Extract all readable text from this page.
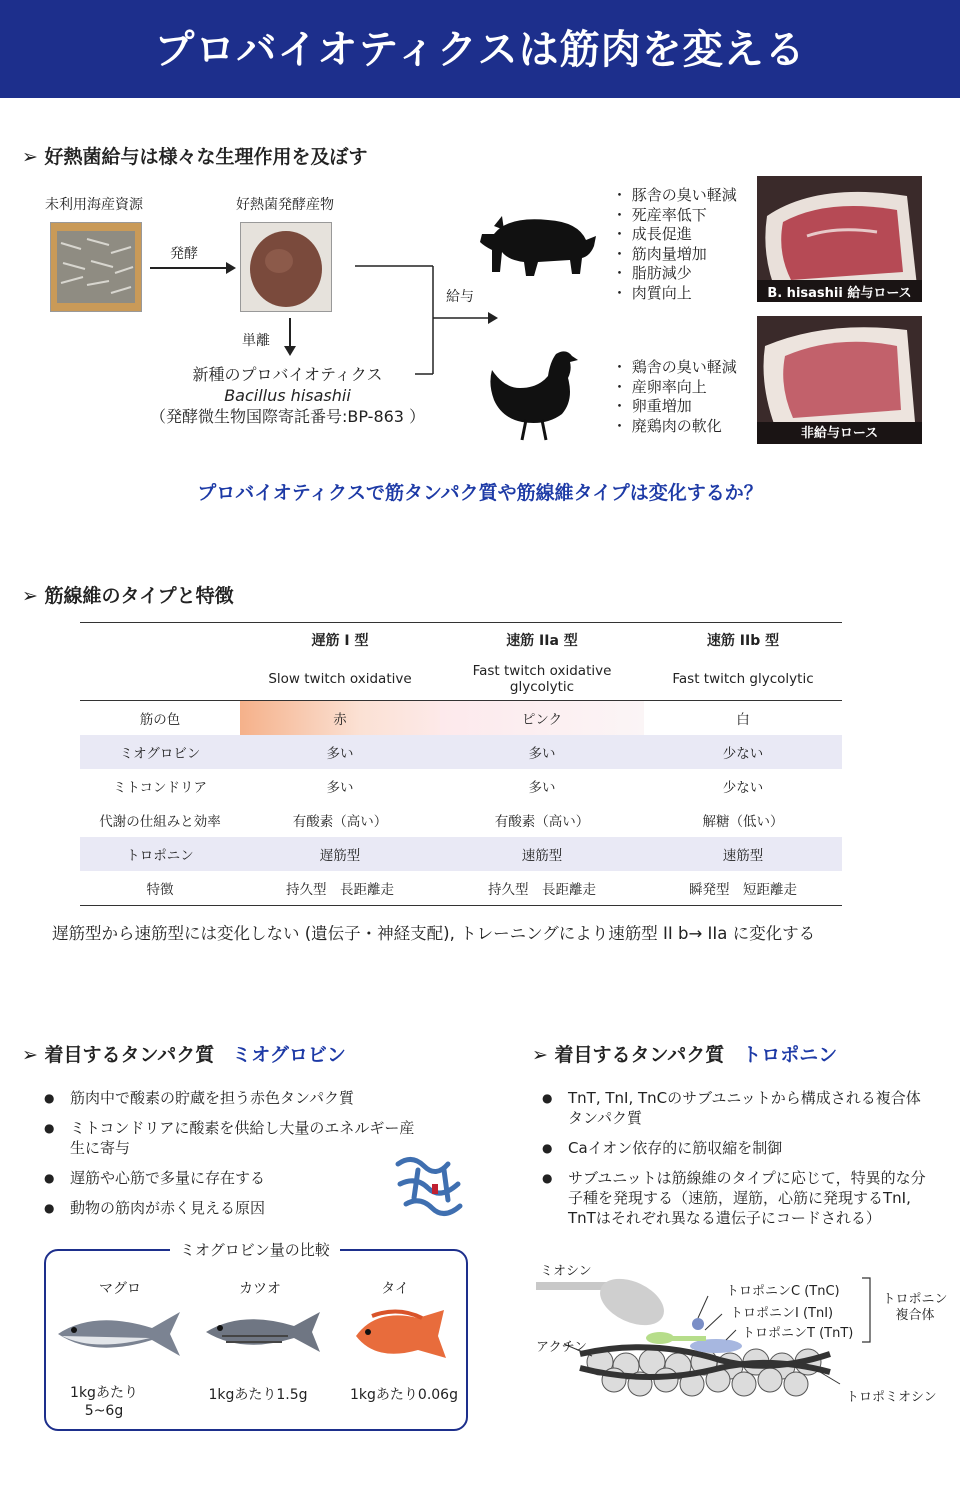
プロバイオティクスは筋肉を変える
➢ 好熱菌給与は様々な生理作用を及ぼす
未利用海産資源	好熱菌発酵産物
発酵
単離
新種のプロバイオティクス
Bacillus hisashii
（発酵微生物国際寄託番号:BP-863 ）
給与
・ 豚舎の臭い軽減
・ 死産率低下
・ 成長促進
・ 筋肉量増加
・ 脂肪減少
・ 肉質向上
・ 鶏舎の臭い軽減
・ 産卵率向上
・ 卵重増加
・ 廃鶏肉の軟化
B. hisashii 給与ロース
非給与ロース
プロバイオティクスで筋タンパク質や筋線維タイプは変化するか？
➢ 筋線維のタイプと特徴
	遅筋 I 型	速筋 IIa 型	速筋 IIb 型
	Slow twitch oxidative	Fast twitch oxidative glycolytic	Fast twitch glycolytic
筋の色	赤	ピンク	白
ミオグロビン	多い	多い	少ない
ミトコンドリア	多い	多い	少ない
代謝の仕組みと効率	有酸素（高い）	有酸素（高い）	解糖（低い）
トロポニン	遅筋型	速筋型	速筋型
特徴	持久型　長距離走	持久型　長距離走	瞬発型　短距離走
遅筋型から速筋型には変化しない (遺伝子・神経支配), トレーニングにより速筋型 II b→ IIa に変化する
➢ 着目するタンパク質 ミオグロビン
● 筋肉中で酸素の貯蔵を担う赤色タンパク質
● ミトコンドリアに酸素を供給し大量のエネルギー産生に寄与
● 遅筋や心筋で多量に存在する
● 動物の筋肉が赤く見える原因
ミオグロビン量の比較
マグロ	カツオ	タイ
1kgあたり
5~6g
1kgあたり1.5g	1kgあたり0.06g
➢ 着目するタンパク質 トロポニン
● TnT, TnI, TnCのサブユニットから構成される複合体タンパク質
● Caイオン依存的に筋収縮を制御
● サブユニットは筋線維のタイプに応じて，特異的な分子種を発現する（速筋，遅筋，心筋に発現するTnI, TnTはそれぞれ異なる遺伝子にコードされる）
ミオシン
アクチン
トロポニンC (TnC)
トロポニンI (TnI)
トロポニンT (TnT)
トロポニン
複合体
トロポミオシン
